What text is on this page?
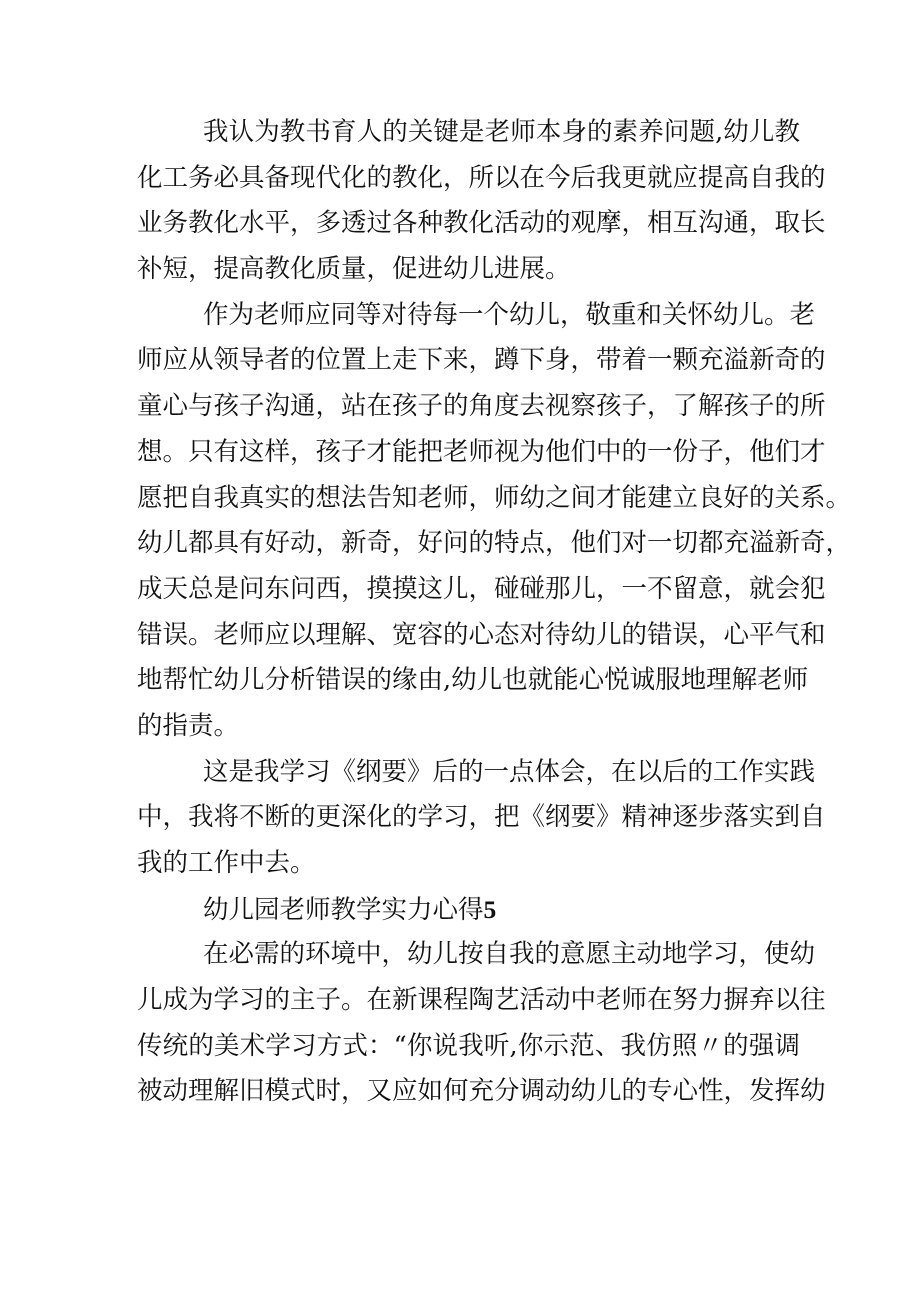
我认为教书育人的关键是老师本身的素养问题,幼儿教
化工务必具备现代化的教化，所以在今后我更就应提高自我的
业务教化水平，多透过各种教化活动的观摩，相互沟通，取长
补短，提高教化质量，促进幼儿进展。
作为老师应同等对待每一个幼儿，敬重和关怀幼儿。老
师应从领导者的位置上走下来，蹲下身，带着一颗充溢新奇的
童心与孩子沟通，站在孩子的角度去视察孩子，了解孩子的所
想。只有这样，孩子才能把老师视为他们中的一份子，他们才
愿把自我真实的想法告知老师，师幼之间才能建立良好的关系。
幼儿都具有好动，新奇，好问的特点，他们对一切都充溢新奇，
成天总是问东问西，摸摸这儿，碰碰那儿，一不留意，就会犯
错误。老师应以理解、宽容的心态对待幼儿的错误，心平气和
地帮忙幼儿分析错误的缘由,幼儿也就能心悦诚服地理解老师
的指责。
这是我学习《纲要》后的一点体会，在以后的工作实践
中，我将不断的更深化的学习，把《纲要》精神逐步落实到自
我的工作中去。
幼儿园老师教学实力心得5
在必需的环境中，幼儿按自我的意愿主动地学习，使幼
儿成为学习的主子。在新课程陶艺活动中老师在努力摒弃以往
传统的美术学习方式：“你说我听,你示范、我仿照〃的强调
被动理解旧模式时，又应如何充分调动幼儿的专心性，发挥幼
